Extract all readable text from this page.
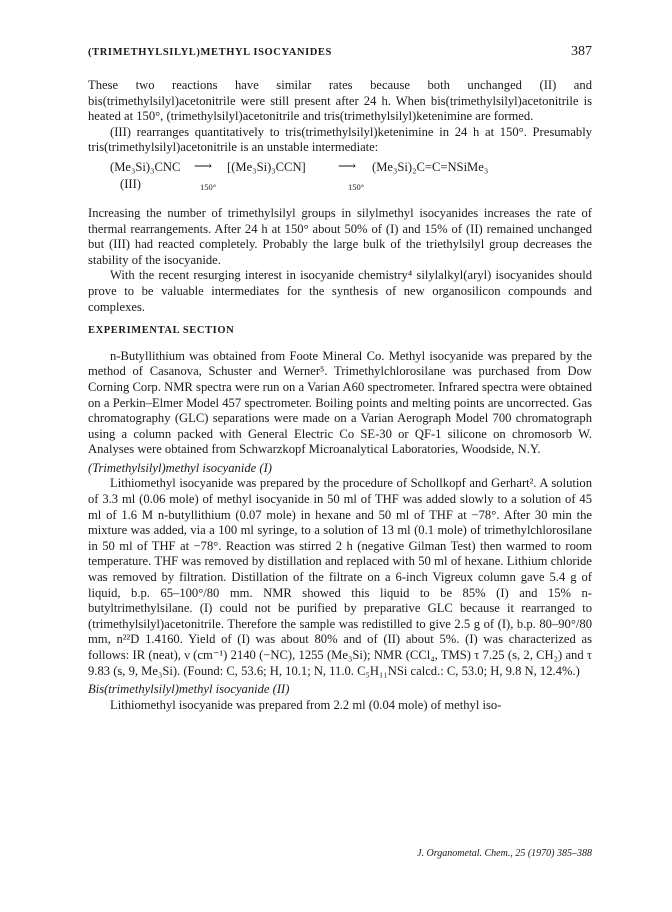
(TRIMETHYLSILYL)METHYL ISOCYANIDES	387

These two reactions have similar rates because both unchanged (II) and bis(trimethylsilyl)acetonitrile were still present after 24 h. When bis(trimethylsilyl)acetonitrile is heated at 150°, (trimethylsilyl)acetonitrile and tris(trimethylsilyl)ketenimine are formed.

(III) rearranges quantitatively to tris(trimethylsilyl)ketenimine in 24 h at 150°. Presumably tris(trimethylsilyl)acetonitrile is an unstable intermediate:

(Me₃Si)₃CNC
(III)
⟶
150°
[(Me₃Si)₃CCN]	⟶
150°
(Me₃Si)₂C=C=NSiMe₃

Increasing the number of trimethylsilyl groups in silylmethyl isocyanides increases the rate of thermal rearrangements. After 24 h at 150° about 50% of (I) and 15% of (II) remained unchanged but (III) had reacted completely. Probably the large bulk of the triethylsilyl group decreases the stability of the isocyanide.

With the recent resurging interest in isocyanide chemistry⁴ silylalkyl(aryl) isocyanides should prove to be valuable intermediates for the synthesis of new organosilicon compounds and complexes.

EXPERIMENTAL SECTION

n-Butyllithium was obtained from Foote Mineral Co. Methyl isocyanide was prepared by the method of Casanova, Schuster and Werner⁵. Trimethylchlorosilane was purchased from Dow Corning Corp. NMR spectra were run on a Varian A60 spectrometer. Infrared spectra were obtained on a Perkin–Elmer Model 457 spectrometer. Boiling points and melting points are uncorrected. Gas chromatography (GLC) separations were made on a Varian Aerograph Model 700 chromatograph using a column packed with General Electric Co SE-30 or QF-1 silicone on chromosorb W. Analyses were obtained from Schwarzkopf Microanalytical Laboratories, Woodside, N.Y.

(Trimethylsilyl)methyl isocyanide (I)

Lithiomethyl isocyanide was prepared by the procedure of Schollkopf and Gerhart². A solution of 3.3 ml (0.06 mole) of methyl isocyanide in 50 ml of THF was added slowly to a solution of 45 ml of 1.6 M n-butyllithium (0.07 mole) in hexane and 50 ml of THF at −78°. After 30 min the mixture was added, via a 100 ml syringe, to a solution of 13 ml (0.1 mole) of trimethylchlorosilane in 50 ml of THF at −78°. Reaction was stirred 2 h (negative Gilman Test) then warmed to room temperature. THF was removed by distillation and replaced with 50 ml of hexane. Lithium chloride was removed by filtration. Distillation of the filtrate on a 6-inch Vigreux column gave 5.4 g of liquid, b.p. 65–100°/80 mm. NMR showed this liquid to be 85% (I) and 15% n-butyltrimethylsilane. (I) could not be purified by preparative GLC because it rearranged to (trimethylsilyl)acetonitrile. Therefore the sample was redistilled to give 2.5 g of (I), b.p. 80–90°/80 mm, n²²D 1.4160. Yield of (I) was about 80% and of (II) about 5%. (I) was characterized as follows: IR (neat), ν (cm⁻¹) 2140 (−NC), 1255 (Me₃Si); NMR (CCl₄, TMS) τ 7.25 (s, 2, CH₂) and τ 9.83 (s, 9, Me₃Si). (Found: C, 53.6; H, 10.1; N, 11.0. C₅H₁₁NSi calcd.: C, 53.0; H, 9.8 N, 12.4%.)

Bis(trimethylsilyl)methyl isocyanide (II)

Lithiomethyl isocyanide was prepared from 2.2 ml (0.04 mole) of methyl iso-

J. Organometal. Chem., 25 (1970) 385–388
